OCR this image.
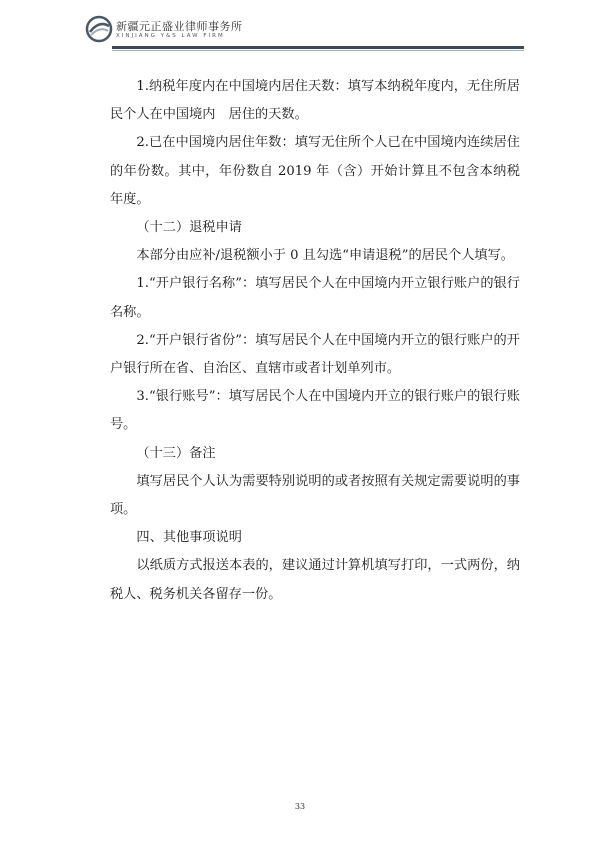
新疆元正盛业律师事务所
XINJIANG Y&S LAW FIRM

1.纳税年度内在中国境内居住天数：填写本纳税年度内，无住所居民个人在中国境内　居住的天数。

2.已在中国境内居住年数：填写无住所个人已在中国境内连续居住的年份数。其中，年份数自 2019 年（含）开始计算且不包含本纳税年度。

（十二）退税申请

本部分由应补/退税额小于 0 且勾选“申请退税”的居民个人填写。

1.“开户银行名称”：填写居民个人在中国境内开立银行账户的银行名称。

2.“开户银行省份”：填写居民个人在中国境内开立的银行账户的开户银行所在省、自治区、直辖市或者计划单列市。

3.“银行账号”：填写居民个人在中国境内开立的银行账户的银行账号。

（十三）备注

填写居民个人认为需要特别说明的或者按照有关规定需要说明的事项。

四、其他事项说明

以纸质方式报送本表的，建议通过计算机填写打印，一式两份，纳税人、税务机关各留存一份。

33
